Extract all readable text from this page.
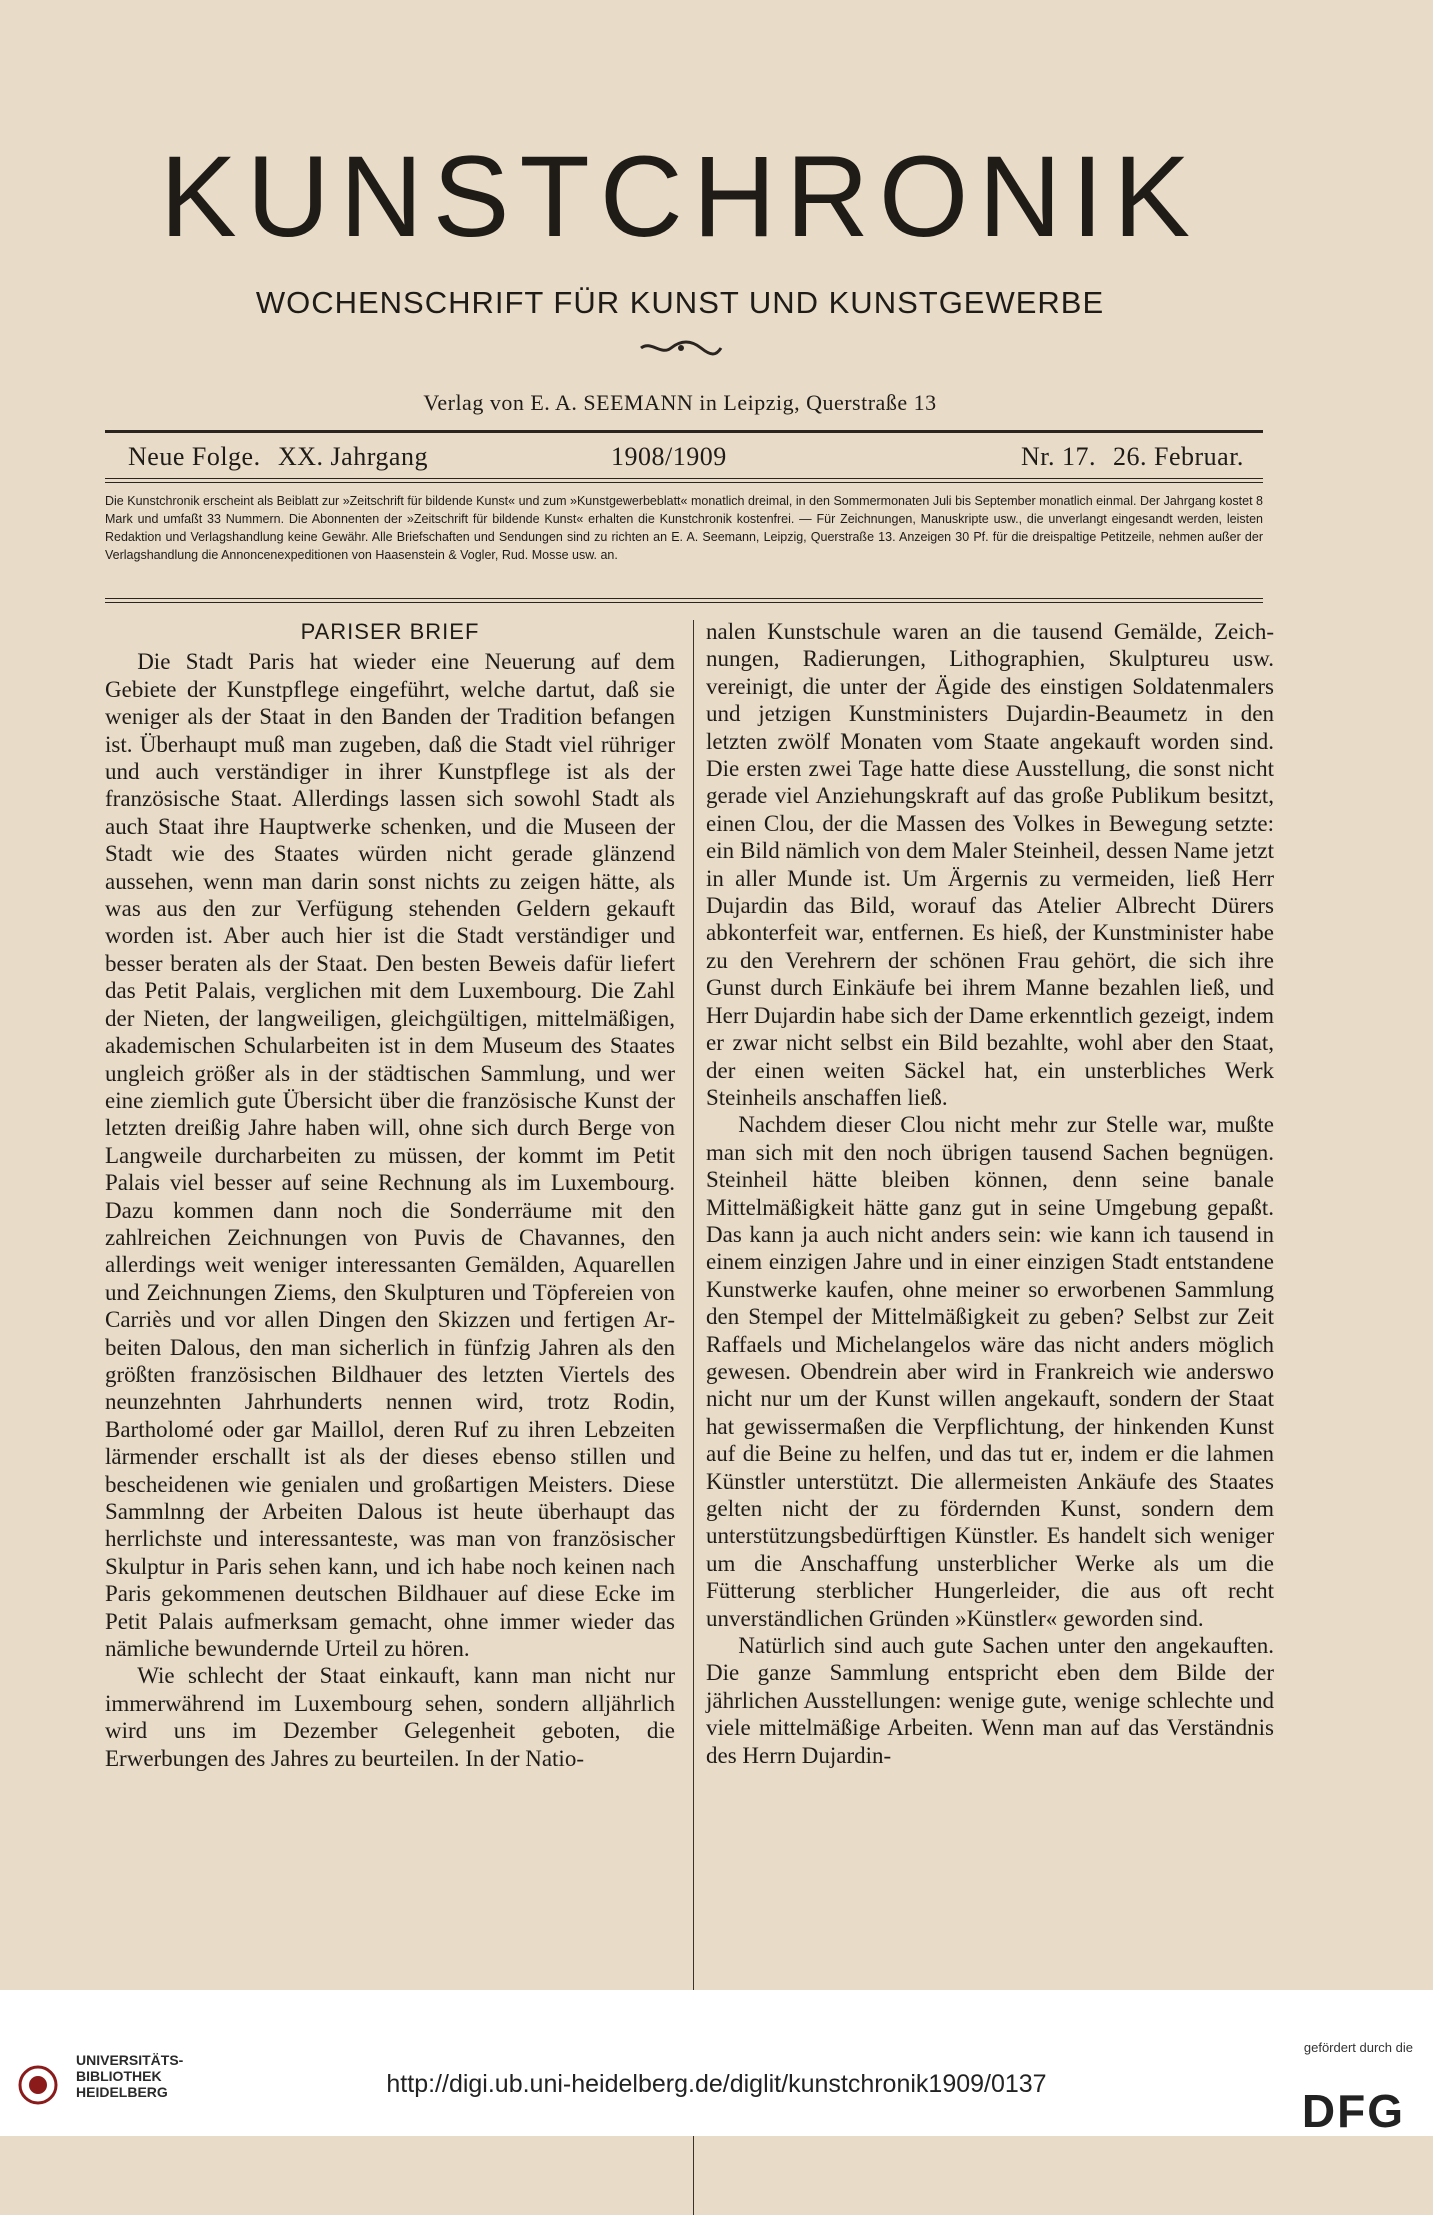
KUNSTCHRONIK
WOCHENSCHRIFT FÜR KUNST UND KUNSTGEWERBE
Verlag von E. A. SEEMANN in Leipzig, Querstraße 13
Neue Folge. XX. Jahrgang	1908/1909	Nr. 17. 26. Februar.
Die Kunstchronik erscheint als Beiblatt zur »Zeitschrift für bildende Kunst« und zum »Kunstgewerbeblatt« monatlich dreimal, in den Sommermonaten Juli bis September monatlich einmal. Der Jahrgang kostet 8 Mark und umfaßt 33 Nummern. Die Abonnenten der »Zeitschrift für bildende Kunst« erhalten die Kunstchronik kostenfrei. — Für Zeichnungen, Manuskripte usw., die unverlangt eingesandt werden, leisten Redaktion und Verlagshandlung keine Gewähr. Alle Briefschaften und Sendungen sind zu richten an E. A. Seemann, Leipzig, Querstraße 13. Anzeigen 30 Pf. für die dreispaltige Petitzeile, nehmen außer der Verlagshandlung die Annoncenexpeditionen von Haasenstein & Vogler, Rud. Mosse usw. an.
PARISER BRIEF

Die Stadt Paris hat wieder eine Neuerung auf dem Gebiete der Kunstpflege eingeführt, welche dartut, daß sie weniger als der Staat in den Banden der Tradition befangen ist. Überhaupt muß man zugeben, daß die Stadt viel rühriger und auch verständiger in ihrer Kunstpflege ist als der französische Staat. Allerdings lassen sich sowohl Stadt als auch Staat ihre Hauptwerke schenken, und die Museen der Stadt wie des Staates würden nicht gerade glänzend aussehen, wenn man darin sonst nichts zu zeigen hätte, als was aus den zur Verfügung stehenden Geldern gekauft worden ist. Aber auch hier ist die Stadt verständiger und besser beraten als der Staat. Den besten Beweis dafür liefert das Petit Palais, verglichen mit dem Luxembourg. Die Zahl der Nieten, der langweiligen, gleichgültigen, mittelmäßigen, akademischen Schularbeiten ist in dem Museum des Staates ungleich größer als in der städtischen Sammlung, und wer eine ziemlich gute Übersicht über die französische Kunst der letzten dreißig Jahre haben will, ohne sich durch Berge von Langweile durcharbeiten zu müssen, der kommt im Petit Palais viel besser auf seine Rechnung als im Luxembourg. Dazu kommen dann noch die Sonderräume mit den zahlreichen Zeichnungen von Puvis de Chavannes, den allerdings weit weniger interessanten Gemälden, Aquarellen und Zeichnungen Ziems, den Skulpturen und Töpfereien von Carriès und vor allen Dingen den Skizzen und fertigen Arbeiten Dalous, den man sicherlich in fünfzig Jahren als den größten französischen Bildhauer des letzten Viertels des neunzehnten Jahrhunderts nennen wird, trotz Rodin, Bartholomé oder gar Maillol, deren Ruf zu ihren Lebzeiten lärmender erschallt ist als der dieses ebenso stillen und bescheidenen wie genialen und großartigen Meisters. Diese Sammlnng der Arbeiten Dalous ist heute überhaupt das herrlichste und interessanteste, was man von französischer Skulptur in Paris sehen kann, und ich habe noch keinen nach Paris gekommenen deutschen Bildhauer auf diese Ecke im Petit Palais aufmerksam gemacht, ohne immer wieder das nämliche bewundernde Urteil zu hören.

Wie schlecht der Staat einkauft, kann man nicht nur immerwährend im Luxembourg sehen, sondern alljährlich wird uns im Dezember Gelegenheit geboten, die Erwerbungen des Jahres zu beurteilen. In der Natio-

nalen Kunstschule waren an die tausend Gemälde, Zeichnungen, Radierungen, Lithographien, Skulptureu usw. vereinigt, die unter der Ägide des einstigen Soldatenmalers und jetzigen Kunstministers Dujardin-Beaumetz in den letzten zwölf Monaten vom Staate angekauft worden sind. Die ersten zwei Tage hatte diese Ausstellung, die sonst nicht gerade viel Anziehungskraft auf das große Publikum besitzt, einen Clou, der die Massen des Volkes in Bewegung setzte: ein Bild nämlich von dem Maler Steinheil, dessen Name jetzt in aller Munde ist. Um Ärgernis zu vermeiden, ließ Herr Dujardin das Bild, worauf das Atelier Albrecht Dürers abkonterfeit war, entfernen. Es hieß, der Kunstminister habe zu den Verehrern der schönen Frau gehört, die sich ihre Gunst durch Einkäufe bei ihrem Manne bezahlen ließ, und Herr Dujardin habe sich der Dame erkenntlich gezeigt, indem er zwar nicht selbst ein Bild bezahlte, wohl aber den Staat, der einen weiten Säckel hat, ein unsterbliches Werk Steinheils anschaffen ließ.

Nachdem dieser Clou nicht mehr zur Stelle war, mußte man sich mit den noch übrigen tausend Sachen begnügen. Steinheil hätte bleiben können, denn seine banale Mittelmäßigkeit hätte ganz gut in seine Umgebung gepaßt. Das kann ja auch nicht anders sein: wie kann ich tausend in einem einzigen Jahre und in einer einzigen Stadt entstandene Kunstwerke kaufen, ohne meiner so erworbenen Sammlung den Stempel der Mittelmäßigkeit zu geben? Selbst zur Zeit Raffaels und Michelangelos wäre das nicht anders möglich gewesen. Obendrein aber wird in Frankreich wie anderswo nicht nur um der Kunst willen angekauft, sondern der Staat hat gewissermaßen die Verpflichtung, der hinkenden Kunst auf die Beine zu helfen, und das tut er, indem er die lahmen Künstler unterstützt. Die allermeisten Ankäufe des Staates gelten nicht der zu fördernden Kunst, sondern dem unterstützungsbedürftigen Künstler. Es handelt sich weniger um die Anschaffung unsterblicher Werke als um die Fütterung sterblicher Hungerleider, die aus oft recht unverständlichen Gründen »Künstler« geworden sind.

Natürlich sind auch gute Sachen unter den angekauften. Die ganze Sammlung entspricht eben dem Bilde der jährlichen Ausstellungen: wenige gute, wenige schlechte und viele mittelmäßige Arbeiten. Wenn man auf das Verständnis des Herrn Dujardin-

UNIVERSITÄTS-
BIBLIOTHEK
HEIDELBERG	http://digi.ub.uni-heidelberg.de/diglit/kunstchronik1909/0137
gefördert durch die
DFG
